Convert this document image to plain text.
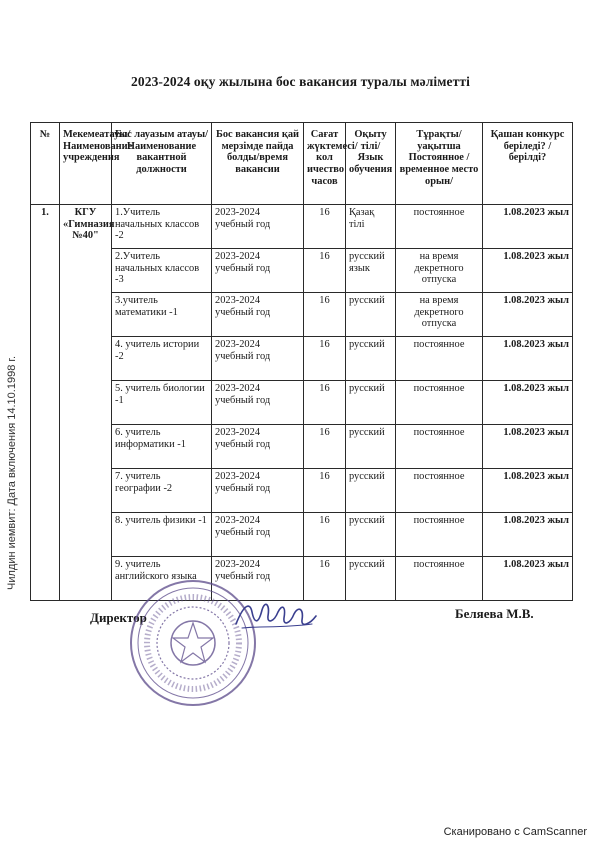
2023-2024 оқу жылына бос вакансия туралы мәліметті
Чилдин иемвит: Дата включения 14.10.1998 г.
№	Мекемеатауы/ Наименование учреждения	Бос лауазым атауы/ Наименование вакантной должности	Бос вакансия қай мерзімде пайда болды/время вакансии	Сағат жүктемесі/кол ичество часов	Оқыту тілі/ Язык обучения	Тұрақты/ уақытша Постоянное / временное место орын/	Қашан конкурс беріледі? /берілді?
1.	КГУ «Гимназия №40"	1.Учитель начальных классов -2	2023-2024 учебный год	16	Қазақ тілі	постоянное	1.08.2023 жыл
		2.Учитель начальных классов -3	2023-2024 учебный год	16	русский язык	на время декретного отпуска	1.08.2023 жыл
		3.учитель математики -1	2023-2024 учебный год	16	русский	на время декретного отпуска	1.08.2023 жыл
		4. учитель истории -2	2023-2024 учебный год	16	русский	постоянное	1.08.2023 жыл
		5. учитель биологии -1	2023-2024 учебный год	16	русский	постоянное	1.08.2023 жыл
		6. учитель информатики -1	2023-2024 учебный год	16	русский	постоянное	1.08.2023 жыл
		7. учитель географии -2	2023-2024 учебный год	16	русский	постоянное	1.08.2023 жыл
		8. учитель физики -1	2023-2024 учебный год	16	русский	постоянное	1.08.2023 жыл
		9. учитель английского языка	2023-2024 учебный год	16	русский	постоянное	1.08.2023 жыл
Директор	Беляева М.В.
Сканировано с CamScanner
